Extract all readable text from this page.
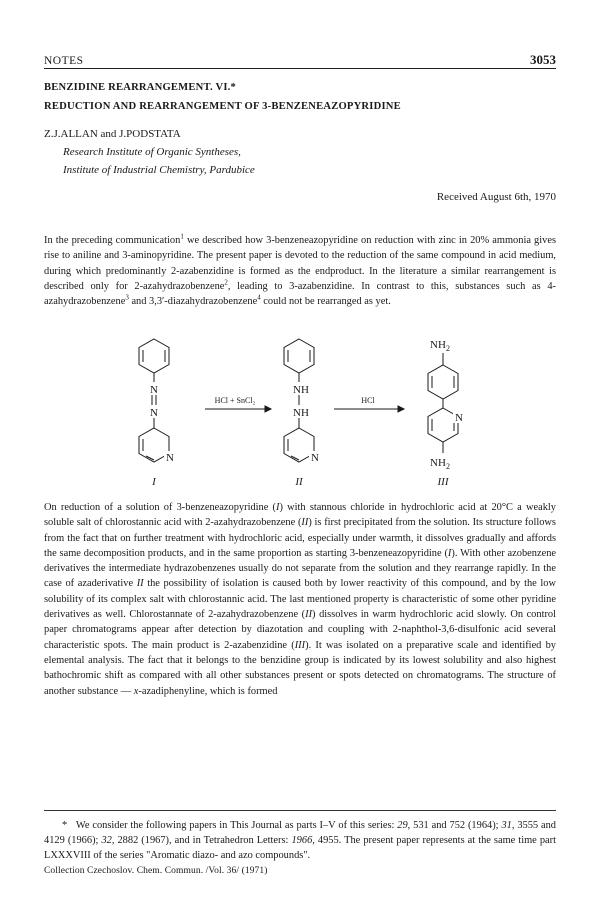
NOTES	3053
BENZIDINE REARRANGEMENT. VI.*
REDUCTION AND REARRANGEMENT OF 3-BENZENEAZOPYRIDINE
Z.J.ALLAN and J.PODSTATA
Research Institute of Organic Syntheses,
Institute of Industrial Chemistry, Pardubice
Received August 6th, 1970

In the preceding communication$^1$ we described how 3-benzeneazopyridine on reduction with zinc in 20% ammonia gives rise to aniline and 3-aminopyridine. The present paper is devoted to the reduction of the same compound in acid medium, during which predominantly 2-azabenzidine is formed as the endproduct. In the literature a similar rearrangement is described only for 2-azahydrazobenzene$^2$, leading to 3-azabenzidine. In contrast to this, substances such as 4-azahydrazobenzene$^3$ and 3,3′-diazahydrazobenzene$^4$ could not be rearranged as yet.

N
N
N
I
HCl + SnCl₂
NH
NH
N
II
HCl
$NH_2$
N
$NH_2$
III

On reduction of a solution of 3-benzeneazopyridine (I) with stannous chloride in hydrochloric acid at 20°C a weakly soluble salt of chlorostannic acid with 2-azahydrazobenzene (II) is first precipitated from the solution. Its structure follows from the fact that on further treatment with hydrochloric acid, especially under warmth, it dissolves gradually and affords the same decomposition products, and in the same proportion as starting 3-benzeneazopyridine (I). With other azobenzene derivatives the intermediate hydrazobenzenes usually do not separate from the solution and they rearrange rapidly. In the case of azaderivative II the possibility of isolation is caused both by lower reactivity of this compound, and by the low solubility of its complex salt with chlorostannic acid. The last mentioned property is characteristic of some other pyridine derivatives as well. Chlorostannate of 2-azahydrazobenzene (II) dissolves in warm hydrochloric acid slowly. On control paper chromatograms appear after detection by diazotation and coupling with 2-naphthol-3,6-disulfonic acid several characteristic spots. The main product is 2-azabenzidine (III). It was isolated on a preparative scale and identified by elemental analysis. The fact that it belongs to the benzidine group is indicated by its lowest solubility and also highest bathochromic shift as compared with all other substances present or spots detected on chromatograms. The structure of another substance — x-azadiphenyline, which is formed

*   We consider the following papers in This Journal as parts I–V of this series: 29, 531 and 752 (1964); 31, 3555 and 4129 (1966); 32, 2882 (1967), and in Tetrahedron Letters: 1966, 4955. The present paper represents at the same time part LXXXVIII of the series "Aromatic diazo- and azo compounds".

Collection Czechoslov. Chem. Commun. /Vol. 36/ (1971)
